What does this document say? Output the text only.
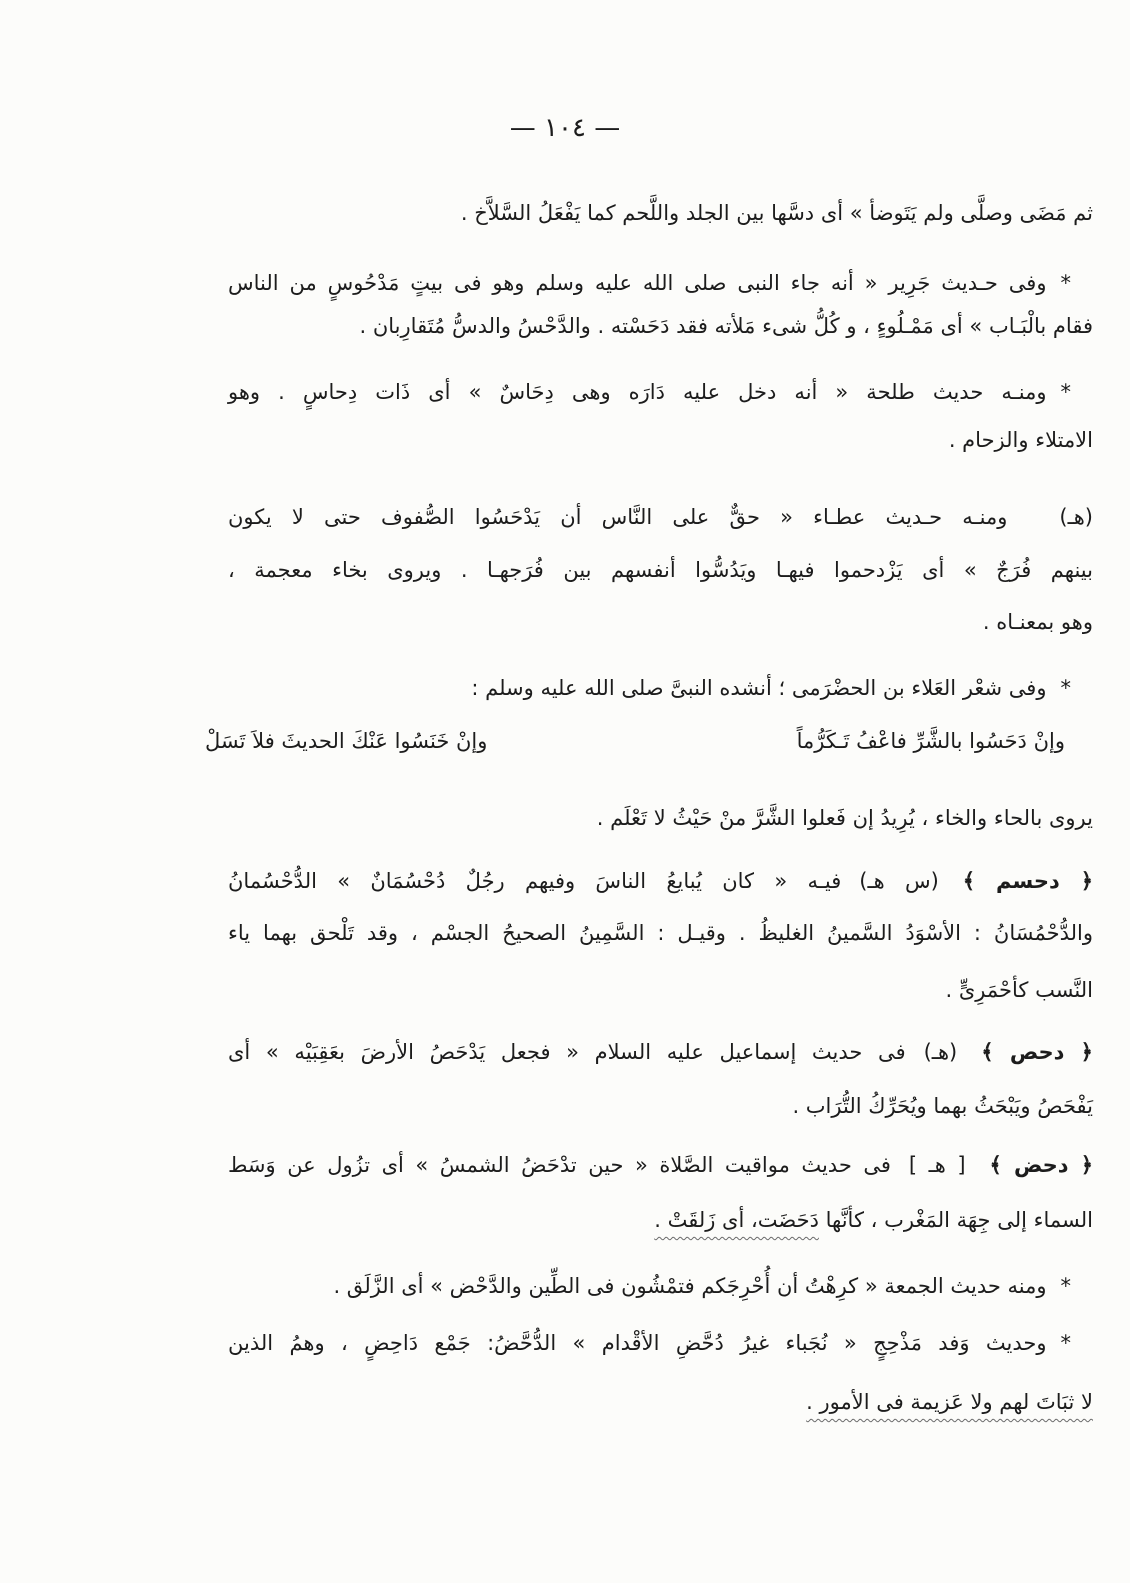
— ١٠٤ —
ثم مَضَى وصلَّى ولم يَتَوضأ » أى دسَّها بين الجلد واللَّحم كما يَفْعَلُ السَّلاَّخ .
*وفى حـديث جَرِير « أنه جاء النبى صلى الله عليه وسلم وهو فى بيتٍ مَدْحُوسٍ من الناس
فقام بالْبَـاب » أى مَمْـلُوءٍ ، و كُلُّ شىء مَلأته فقد دَحَسْته . والدَّحْسُ والدسُّ مُتَقارِبان .
*ومنـه حديث طلحة « أنه دخل عليه دَارَه وهى دِحَاسٌ » أى ذَات دِحاسٍ . وهو
الامتلاء والزحام .
(هـ)ومنـه حـديث عطـاء « حقٌّ على النَّاس أن يَدْحَسُوا الصُّفوف حتى لا يكون
بينهم فُرَجٌ » أى يَزْدحموا فيهـا ويَدُسُّوا أنفسهم بين فُرَجهـا . ويروى بخاء معجمة ،
وهو بمعنـاه .
*وفى شعْر العَلاء بن الحضْرَمى ؛ أنشده النبىَّ صلى الله عليه وسلم :
وإنْ دَحَسُوا بالشَّرِّ فاعْفُ تَـكَرُّماً
وإنْ خَنَسُوا عَنْكَ الحديثَ فلاَ تَسَلْ
يروى بالحاء والخاء ، يُرِيدُ إن فَعلوا الشَّرَّ منْ حَيْثُ لا تَعْلَم .
﴿ دحسم ﴾(س هـ)فيـه « كان يُبايعُ الناسَ وفيهم رجُلٌ دُحْسُمَانٌ » الدُّحْسُمانُ
والدُّحْمُسَانُ : الأسْوَدُ السَّمينُ الغليظُ . وقيـل : السَّمِينُ الصحيحُ الجسْم ، وقد تَلْحق بهما ياء
النَّسب كأحْمَرِىٍّ .
﴿ دحص ﴾(هـ)فى حديث إسماعيل عليه السلام « فجعل يَدْحَصُ الأرضَ بعَقِبَيْه » أى
يَفْحَصُ ويَبْحَثُ بهما ويُحَرِّكُ التُّرَاب .
﴿ دحض ﴾[ هـ ]فى حديث مواقيت الصَّلاة « حين تدْحَضُ الشمسُ » أى تزُول عن وَسَط
السماء إلى جِهَة المَغْرب ، كأنَّها دَحَضَت، أى زَلقَتْ .
*ومنه حديث الجمعة « كرِهْتُ أن أُحْرِجَكم فتمْشُون فى الطِّين والدَّحْض » أى الزَّلَق .
*وحديث وَفد مَذْحِجٍ « نُجَباء غيرُ دُحَّضِ الأقْدام » الدُّحَّضُ: جَمْع دَاحِضٍ ، وهمُ الذين
لا ثبَاتَ لهم ولا عَزيمة فى الأمور .
